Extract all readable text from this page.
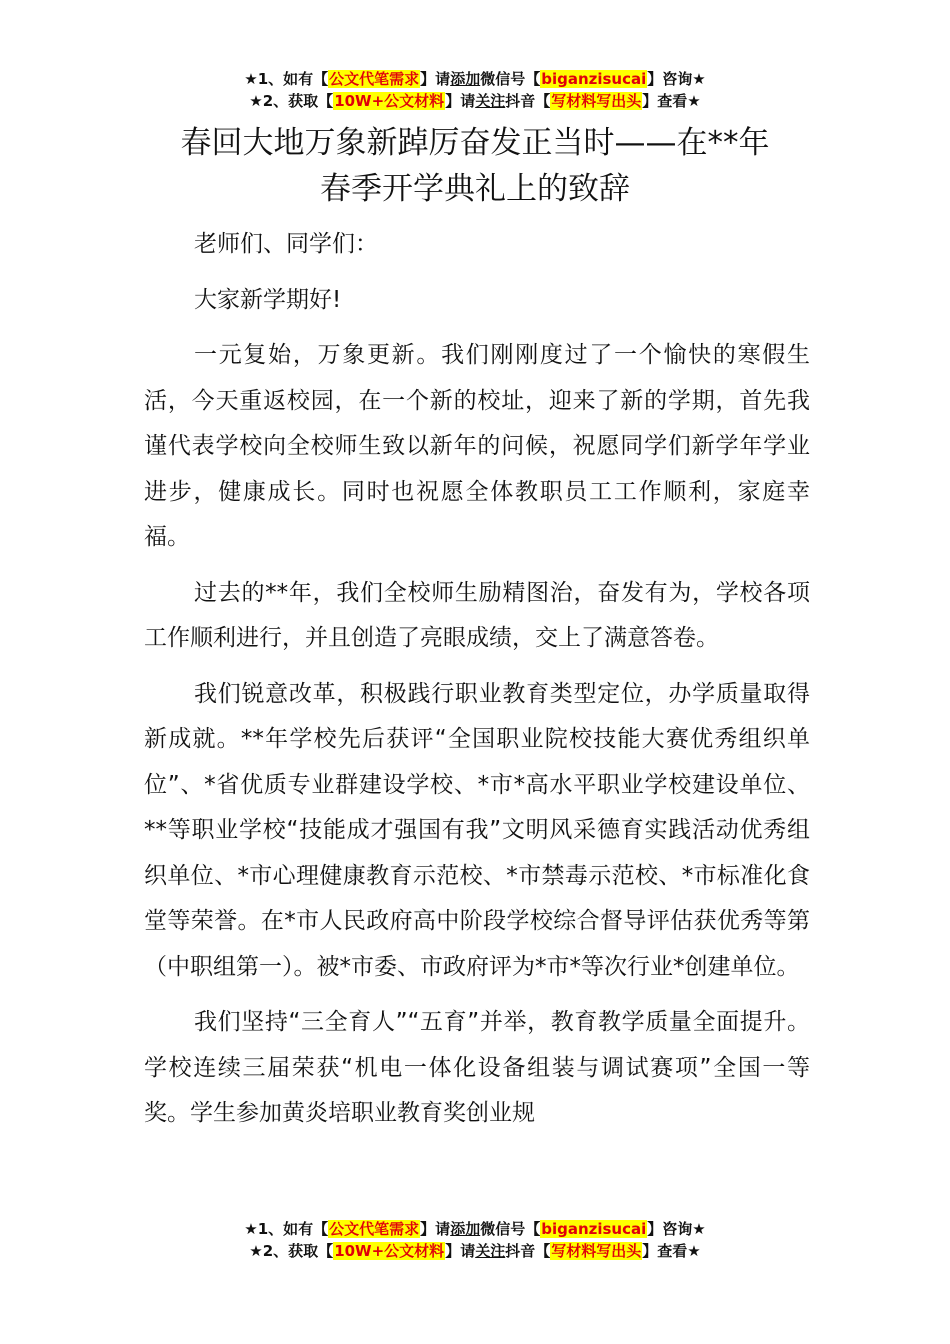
★1、如有【公文代笔需求】请添加微信号【biganzisucai】咨询★
★2、获取【10W+公文材料】请关注抖音【写材料写出头】查看★
春回大地万象新踔厉奋发正当时——在**年
春季开学典礼上的致辞

老师们、同学们：

大家新学期好!

一元复始，万象更新。我们刚刚度过了一个愉快的寒假生活，今天重返校园，在一个新的校址，迎来了新的学期，首先我谨代表学校向全校师生致以新年的问候，祝愿同学们新学年学业进步，健康成长。同时也祝愿全体教职员工工作顺利，家庭幸福。

过去的**年，我们全校师生励精图治，奋发有为，学校各项工作顺利进行，并且创造了亮眼成绩，交上了满意答卷。

我们锐意改革，积极践行职业教育类型定位，办学质量取得新成就。**年学校先后获评“全国职业院校技能大赛优秀组织单位”、*省优质专业群建设学校、*市*高水平职业学校建设单位、**等职业学校“技能成才强国有我”文明风采德育实践活动优秀组织单位、*市心理健康教育示范校、*市禁毒示范校、*市标准化食堂等荣誉。在*市人民政府高中阶段学校综合督导评估获优秀等第（中职组第一）。被*市委、市政府评为*市*等次行业*创建单位。

我们坚持“三全育人”“五育”并举，教育教学质量全面提升。学校连续三届荣获“机电一体化设备组装与调试赛项”全国一等奖。学生参加黄炎培职业教育奖创业规

★1、如有【公文代笔需求】请添加微信号【biganzisucai】咨询★
★2、获取【10W+公文材料】请关注抖音【写材料写出头】查看★
